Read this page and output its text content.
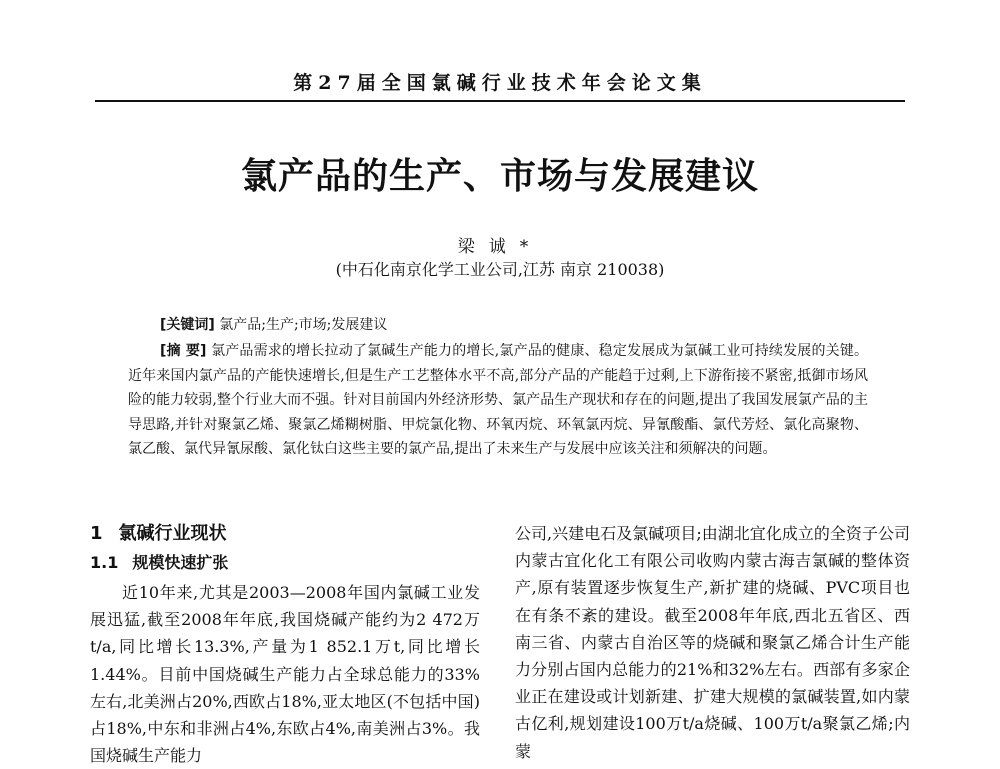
第27届全国氯碱行业技术年会论文集
氯产品的生产、市场与发展建议
梁诚*
(中石化南京化学工业公司,江苏 南京 210038)
[关键词] 氯产品;生产;市场;发展建议
[摘 要] 氯产品需求的增长拉动了氯碱生产能力的增长,氯产品的健康、稳定发展成为氯碱工业可持续发展的关键。近年来国内氯产品的产能快速增长,但是生产工艺整体水平不高,部分产品的产能趋于过剩,上下游衔接不紧密,抵御市场风险的能力较弱,整个行业大而不强。针对目前国内外经济形势、氯产品生产现状和存在的问题,提出了我国发展氯产品的主导思路,并针对聚氯乙烯、聚氯乙烯糊树脂、甲烷氯化物、环氧丙烷、环氧氯丙烷、异氰酸酯、氯代芳烃、氯化高聚物、氯乙酸、氯代异氰尿酸、氯化钛白这些主要的氯产品,提出了未来生产与发展中应该关注和须解决的问题。
1 氯碱行业现状
1.1 规模快速扩张

近10年来,尤其是2003—2008年国内氯碱工业发展迅猛,截至2008年年底,我国烧碱产能约为2 472万t/a,同比增长13.3%,产量为1 852.1万t,同比增长1.44%。目前中国烧碱生产能力占全球总能力的33%左右,北美洲占20%,西欧占18%,亚太地区(不包括中国)占18%,中东和非洲占4%,东欧占4%,南美洲占3%。我国烧碱生产能力

公司,兴建电石及氯碱项目;由湖北宜化成立的全资子公司内蒙古宜化化工有限公司收购内蒙古海吉氯碱的整体资产,原有装置逐步恢复生产,新扩建的烧碱、PVC项目也在有条不紊的建设。截至2008年年底,西北五省区、西南三省、内蒙古自治区等的烧碱和聚氯乙烯合计生产能力分别占国内总能力的21%和32%左右。西部有多家企业正在建设或计划新建、扩建大规模的氯碱装置,如内蒙古亿利,规划建设100万t/a烧碱、100万t/a聚氯乙烯;内蒙
